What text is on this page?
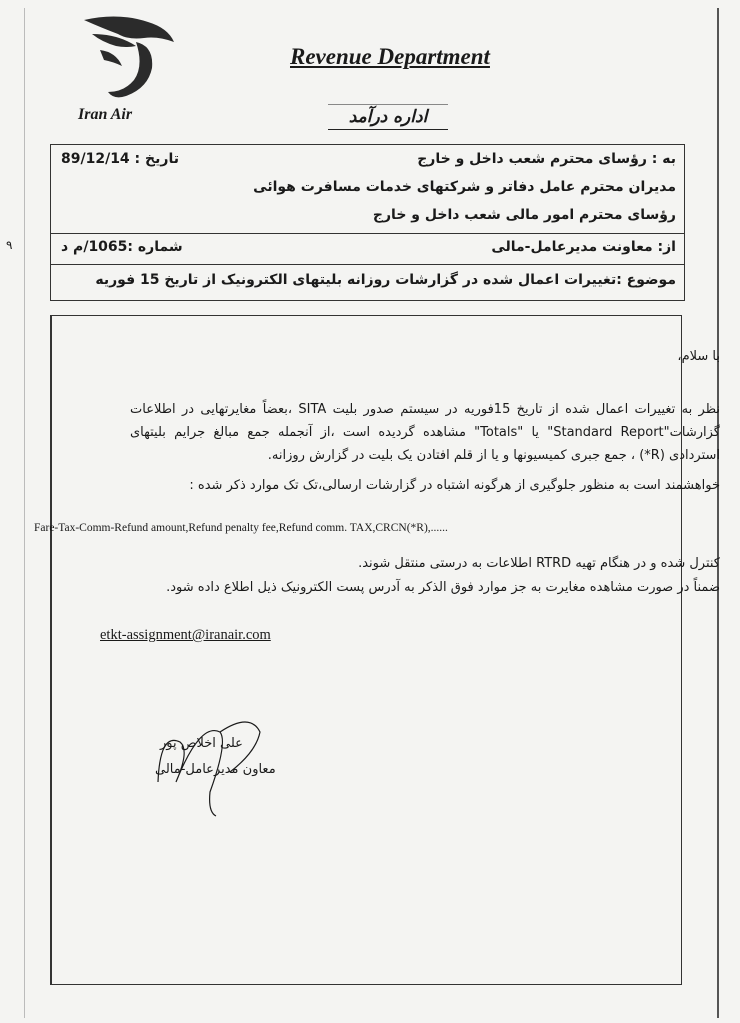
Iran Air
Revenue Department
اداره درآمد
۹
به : رؤسای محترم شعب داخل و خارج
تاریخ : 89/12/14
مدیران محترم عامل دفاتر و شرکتهای خدمات مسافرت هوائی
رؤسای محترم امور مالی شعب داخل و خارج
از: معاونت مدیرعامل-مالی
شماره :1065/م د
موضوع :تغییرات اعمال شده در گزارشات روزانه بلیتهای الکترونیک از تاریخ 15 فوریه
با سلام،
نظر به تغییرات اعمال شده از تاریخ 15فوریه در سیستم صدور بلیت SITA ،بعضاً مغایرتهایی در اطلاعات گزارشات"Standard Report" یا "Totals" مشاهده گردیده است ،از آنجمله جمع مبالغ جرایم بلیتهای استردادی (R*) ، جمع جبری کمیسیونها و یا از قلم افتادن یک بلیت در گزارش روزانه.
خواهشمند است به منظور جلوگیری از هرگونه اشتباه در گزارشات ارسالی،تک تک موارد ذکر شده :
Fare-Tax-Comm-Refund amount,Refund penalty fee,Refund comm. TAX,CRCN(*R),......
کنترل شده و در هنگام تهیه RTRD اطلاعات به درستی منتقل شوند.
ضمناً در صورت مشاهده مغایرت به جز موارد فوق الذکر به آدرس پست الکترونیک ذیل اطلاع داده شود.
etkt-assignment@iranair.com
علی اخلاص پور
معاون مدیرعامل-مالی
